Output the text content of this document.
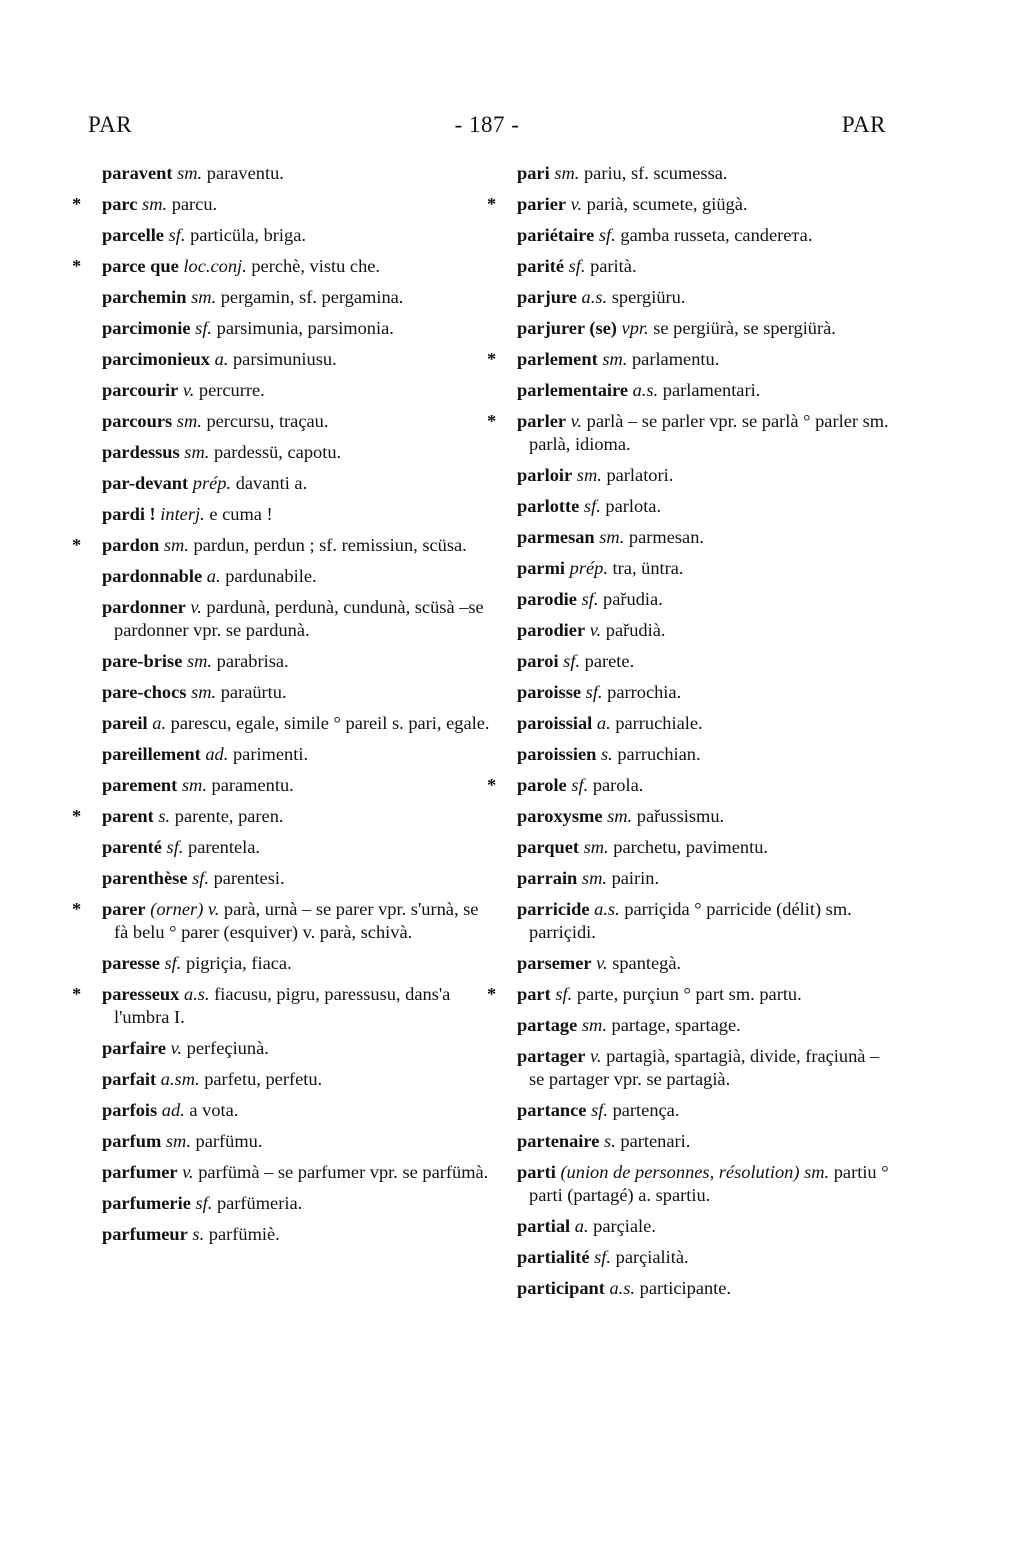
PAR	- 187 -	PAR

paravent sm. paraventu.

* parc sm. parcu.

parcelle sf. particüla, briga.

* parce que loc.conj. perchè, vistu che.

parchemin sm. pergamin, sf. pergamina.

parcimonie sf. parsimunia, parsimonia.

parcimonieux a. parsimuniusu.

parcourir v. percurre.

parcours sm. percursu, traçau.

pardessus sm. pardessü, capotu.

par-devant prép. davanti a.

pardi ! interj. e cuma !

* pardon sm. pardun, perdun ; sf. remissiun, scüsa.

pardonnable a. pardunabile.

pardonner v. pardunà, perdunà, cundunà, scüsà –se pardonner vpr. se pardunà.

pare-brise sm. parabrisa.

pare-chocs sm. paraürtu.

pareil a. parescu, egale, simile ° pareil s. pari, egale.

pareillement ad. parimenti.

parement sm. paramentu.

* parent s. parente, paren.

parenté sf. parentela.

parenthèse sf. parentesi.

* parer (orner) v. parà, urnà – se parer vpr. s'urnà, se fà belu ° parer (esquiver) v. parà, schivà.

paresse sf. pigriçia, fiaca.

* paresseux a.s. fiacusu, pigru, paressusu, dans'a l'umbra I.

parfaire v. perfeçiunà.

parfait a.sm. parfetu, perfetu.

parfois ad. a vota.

parfum sm. parfümu.

parfumer v. parfümà – se parfumer vpr. se parfümà.

parfumerie sf. parfümeria.

parfumeur s. parfümiè.

pari sm. pariu, sf. scumessa.

* parier v. parià, scumete, giügà.

pariétaire sf. gamba russeta, canderета.

parité sf. parità.

parjure a.s. spergiüru.

parjurer (se) vpr. se pergiürà, se spergiürà.

* parlement sm. parlamentu.

parlementaire a.s. parlamentari.

* parler v. parlà – se parler vpr. se parlà ° parler sm. parlà, idioma.

parloir sm. parlatori.

parlotte sf. parlota.

parmesan sm. parmesan.

parmi prép. tra, üntra.

parodie sf. pařudia.

parodier v. pařudià.

paroi sf. parete.

paroisse sf. parrochia.

paroissial a. parruchiale.

paroissien s. parruchian.

* parole sf. parola.

paroxysme sm. pařussismu.

parquet sm. parchetu, pavimentu.

parrain sm. pairin.

parricide a.s. parriçida ° parricide (délit) sm. parriçidi.

parsemer v. spantegà.

* part sf. parte, purçiun ° part sm. partu.

partage sm. partage, spartage.

partager v. partagià, spartagià, divide, fraçiunà – se partager vpr. se partagià.

partance sf. partença.

partenaire s. partenari.

parti (union de personnes, résolution) sm. partiu ° parti (partagé) a. spartiu.

partial a. parçiale.

partialité sf. parçialità.

participant a.s. participante.
